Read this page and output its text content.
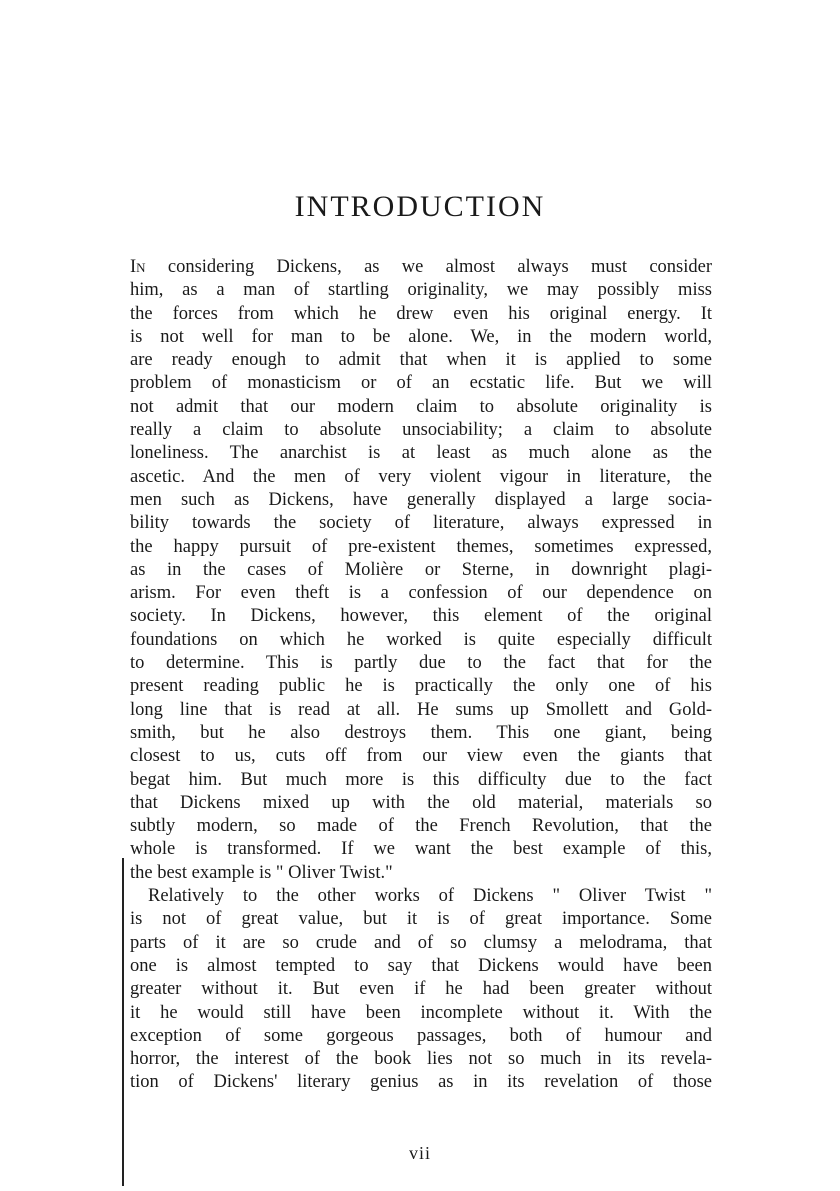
INTRODUCTION
In considering Dickens, as we almost always must consider
him, as a man of startling originality, we may possibly miss
the forces from which he drew even his original energy. It
is not well for man to be alone. We, in the modern world,
are ready enough to admit that when it is applied to some
problem of monasticism or of an ecstatic life. But we will
not admit that our modern claim to absolute originality is
really a claim to absolute unsociability; a claim to absolute
loneliness. The anarchist is at least as much alone as the
ascetic. And the men of very violent vigour in literature, the
men such as Dickens, have generally displayed a large socia-
bility towards the society of literature, always expressed in
the happy pursuit of pre-existent themes, sometimes expressed,
as in the cases of Molière or Sterne, in downright plagi-
arism. For even theft is a confession of our dependence on
society. In Dickens, however, this element of the original
foundations on which he worked is quite especially difficult
to determine. This is partly due to the fact that for the
present reading public he is practically the only one of his
long line that is read at all. He sums up Smollett and Gold-
smith, but he also destroys them. This one giant, being
closest to us, cuts off from our view even the giants that
begat him. But much more is this difficulty due to the fact
that Dickens mixed up with the old material, materials so
subtly modern, so made of the French Revolution, that the
whole is transformed. If we want the best example of this,
the best example is " Oliver Twist."
Relatively to the other works of Dickens " Oliver Twist "
is not of great value, but it is of great importance. Some
parts of it are so crude and of so clumsy a melodrama, that
one is almost tempted to say that Dickens would have been
greater without it. But even if he had been greater without
it he would still have been incomplete without it. With the
exception of some gorgeous passages, both of humour and
horror, the interest of the book lies not so much in its revela-
tion of Dickens' literary genius as in its revelation of those
vii
